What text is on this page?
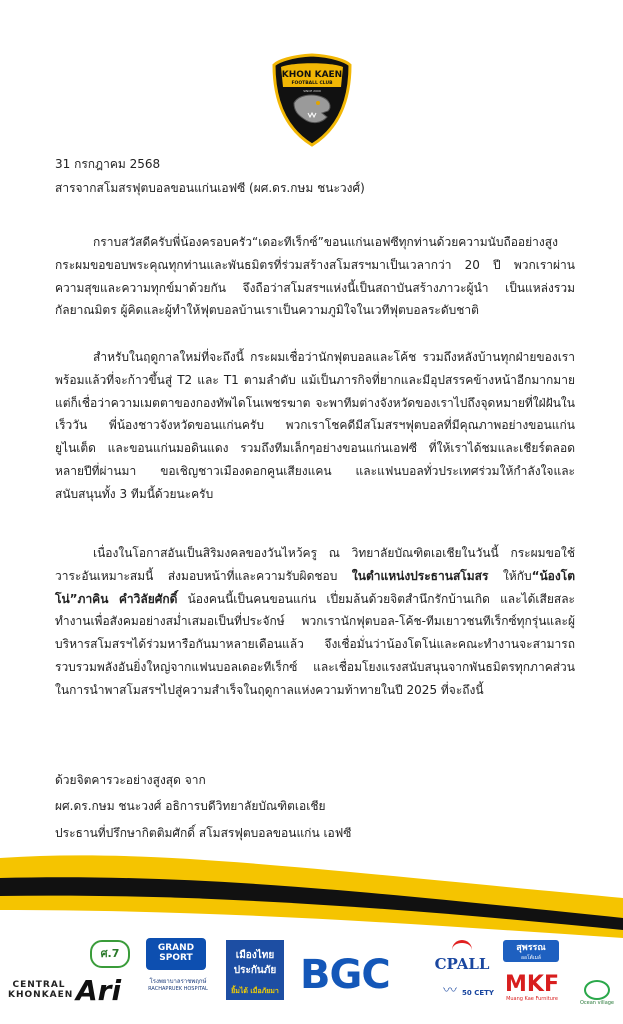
KHON KAEN
FOOTBALL CLUB
SINCE 2009
31 กรกฎาคม 2568
สารจากสโมสรฟุตบอลขอนแก่นเอฟซี (ผศ.ดร.กษม ชนะวงศ์)

กราบสวัสดีครับพี่น้องครอบครัว“เดอะทีเร็กซ์”ขอนแก่นเอฟซีทุกท่านด้วยความนับถืออย่างสูง กระผมขอขอบพระคุณทุกท่านและพันธมิตรที่ร่วมสร้างสโมสรฯมาเป็นเวลากว่า 20 ปี พวกเราผ่านความสุขและความทุกข์มาด้วยกัน จึงถือว่าสโมสรฯแห่งนี้เป็นสถาบันสร้างภาวะผู้นำ เป็นแหล่งรวมกัลยาณมิตร ผู้คิดและผู้ทำให้ฟุตบอลบ้านเราเป็นความภูมิใจในเวทีฟุตบอลระดับชาติ

สำหรับในฤดูกาลใหม่ที่จะถึงนี้ กระผมเชื่อว่านักฟุตบอลและโค้ช รวมถึงหลังบ้านทุกฝ่ายของเราพร้อมแล้วที่จะก้าวขึ้นสู่ T2 และ T1 ตามลำดับ แม้เป็นภารกิจที่ยากและมีอุปสรรคข้างหน้าอีกมากมาย แต่ก็เชื่อว่าความเมตตาของกองทัพไดโนเพชรฆาต จะพาทีมต่างจังหวัดของเราไปถึงจุดหมายที่ใฝ่ฝันในเร็ววัน พี่น้องชาวจังหวัดขอนแก่นครับ พวกเราโชคดีมีสโมสรฯฟุตบอลที่มีคุณภาพอย่างขอนแก่นยูไนเต็ด และขอนแก่นมอดินแดง รวมถึงทีมเล็กๆอย่างขอนแก่นเอฟซี ที่ให้เราได้ชมและเชียร์ตลอดหลายปีที่ผ่านมา ขอเชิญชาวเมืองดอกคูนเสียงแคน และแฟนบอลทั่วประเทศร่วมให้กำลังใจและสนับสนุนทั้ง 3 ทีมนี้ด้วยนะครับ

เนื่องในโอกาสอันเป็นสิริมงคลของวันไหว้ครู ณ วิทยาลัยบัณฑิตเอเชียในวันนี้ กระผมขอใช้วาระอันเหมาะสมนี้ ส่งมอบหน้าที่และความรับผิดชอบ ในตำแหน่งประธานสโมสร ให้กับ“น้องโตโน่”ภาคิน คำวิลัยศักดิ์ น้องคนนี้เป็นคนขอนแก่น เปี่ยมล้นด้วยจิตสำนึกรักบ้านเกิด และได้เสียสละทำงานเพื่อสังคมอย่างสม่ำเสมอเป็นที่ประจักษ์ พวกเรานักฟุตบอล-โค้ช-ทีมเยาวชนทีเร็กซ์ทุกรุ่นและผู้บริหารสโมสรฯได้ร่วมหารือกันมาหลายเดือนแล้ว จึงเชื่อมั่นว่าน้องโตโน่และคณะทำงานจะสามารถรวบรวมพลังอันยิ่งใหญ่จากแฟนบอลเดอะทีเร็กซ์ และเชื่อมโยงแรงสนับสนุนจากพันธมิตรทุกภาคส่วน ในการนำพาสโมสรฯไปสู่ความสำเร็จในฤดูกาลแห่งความท้าทายในปี 2025 ที่จะถึงนี้

ด้วยจิตคารวะอย่างสูงสุด จาก
ผศ.ดร.กษม ชนะวงศ์ อธิการบดีวิทยาลัยบัณฑิตเอเชีย
ประธานที่ปรึกษากิตติมศักดิ์ สโมสรฟุตบอลขอนแก่น เอฟซี
CENTRAL
KHONKAEN Ari
ศ.7	GRAND
SPORT
โรงพยาบาลราชพฤกษ์
RACHAPRUEK HOSPITAL
เมืองไทย
ประกันภัย
ยิ้มได้ เมื่อภัยมา BGC	CPALL
〰 50 CETY
สุพรรณ
ออโต้เมล์
MKF
Muang Kae Furniture
Ocean village
